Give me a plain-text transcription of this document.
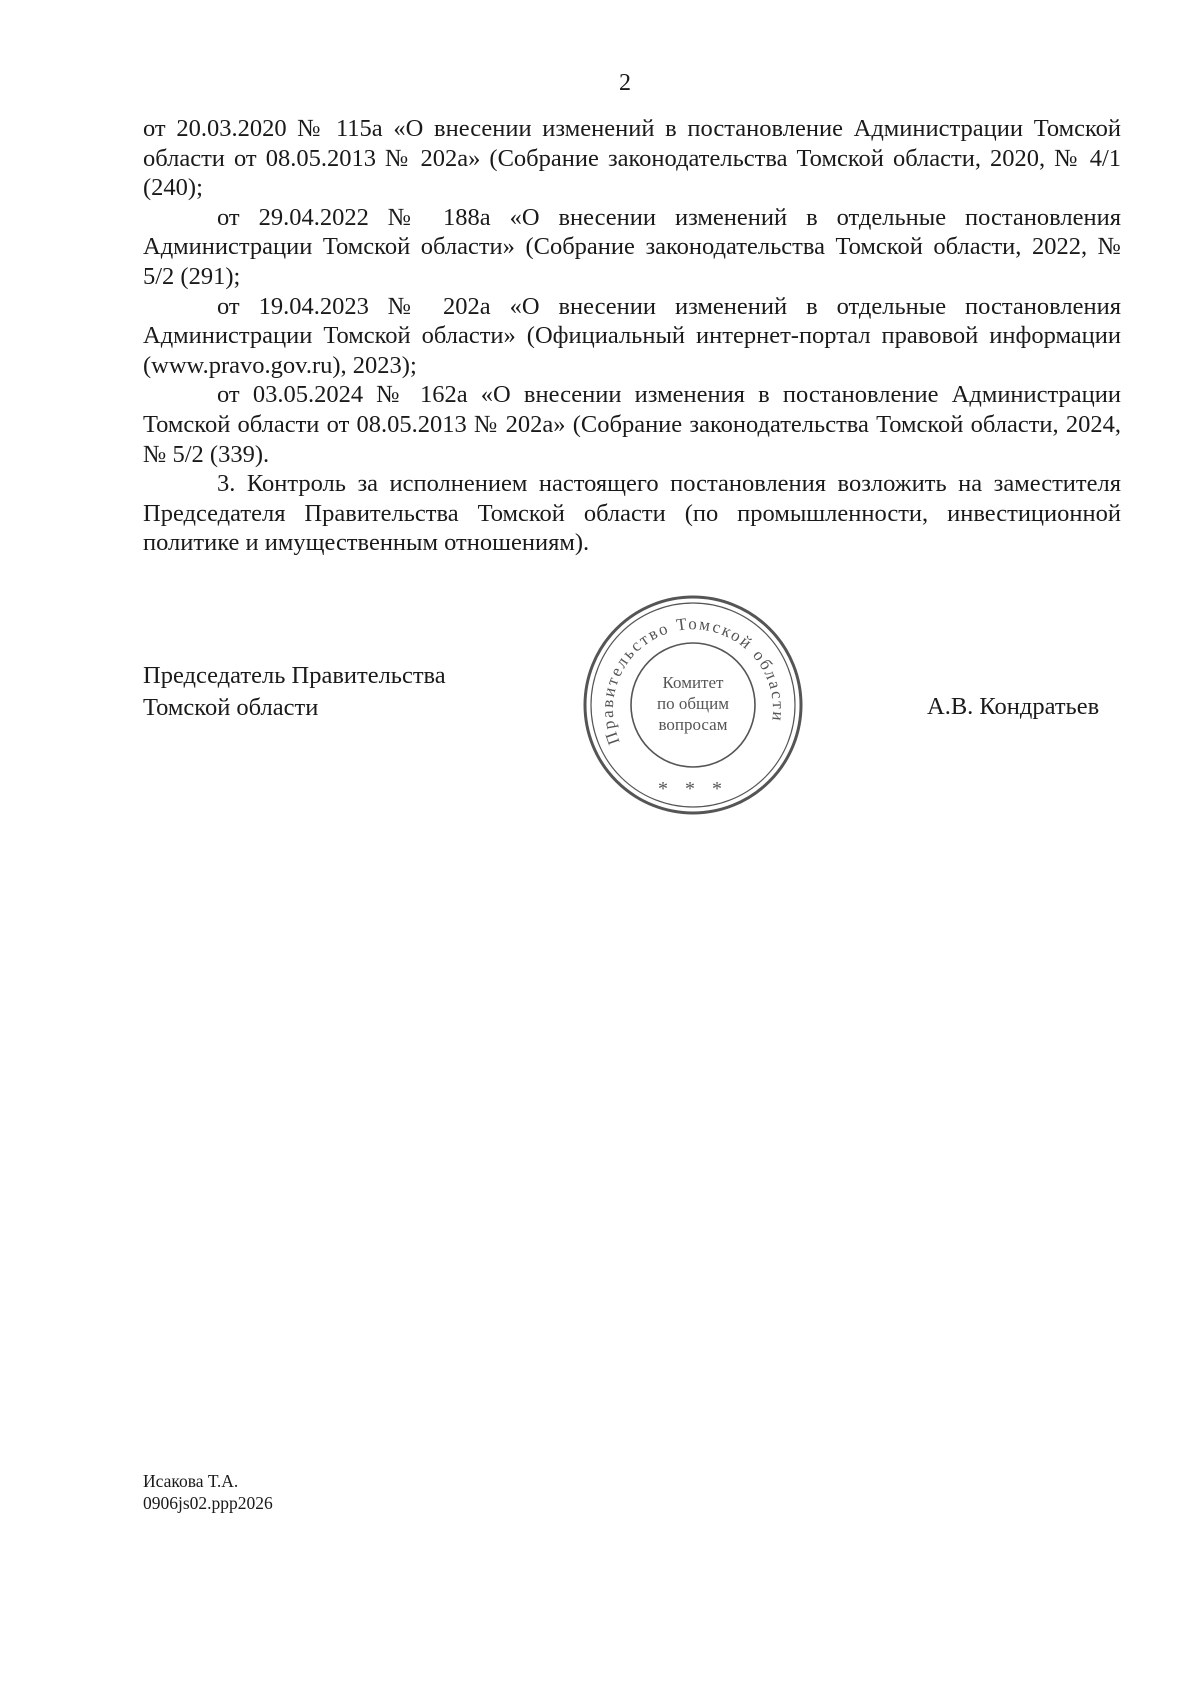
2

от 20.03.2020 № 115а «О внесении изменений в постановление Администрации Томской области от 08.05.2013 № 202а» (Собрание законодательства Томской области, 2020, № 4/1 (240);

от 29.04.2022 № 188а «О внесении изменений в отдельные постановления Администрации Томской области» (Собрание законодательства Томской области, 2022, № 5/2 (291);

от 19.04.2023 № 202а «О внесении изменений в отдельные постановления Администрации Томской области» (Официальный интернет-портал правовой информации (www.pravo.gov.ru), 2023);

от 03.05.2024 № 162а «О внесении изменения в постановление Администрации Томской области от 08.05.2013 № 202а» (Собрание законодательства Томской области, 2024, № 5/2 (339).

3. Контроль за исполнением настоящего постановления возложить на заместителя Председателя Правительства Томской области (по промышленности, инвестиционной политике и имущественным отношениям).

Председатель Правительства
Томской области
Правительство Томской области
Комитет
по общим
вопросам
* * *
А.В. Кондратьев
Исакова Т.А.
0906js02.ppp2026
